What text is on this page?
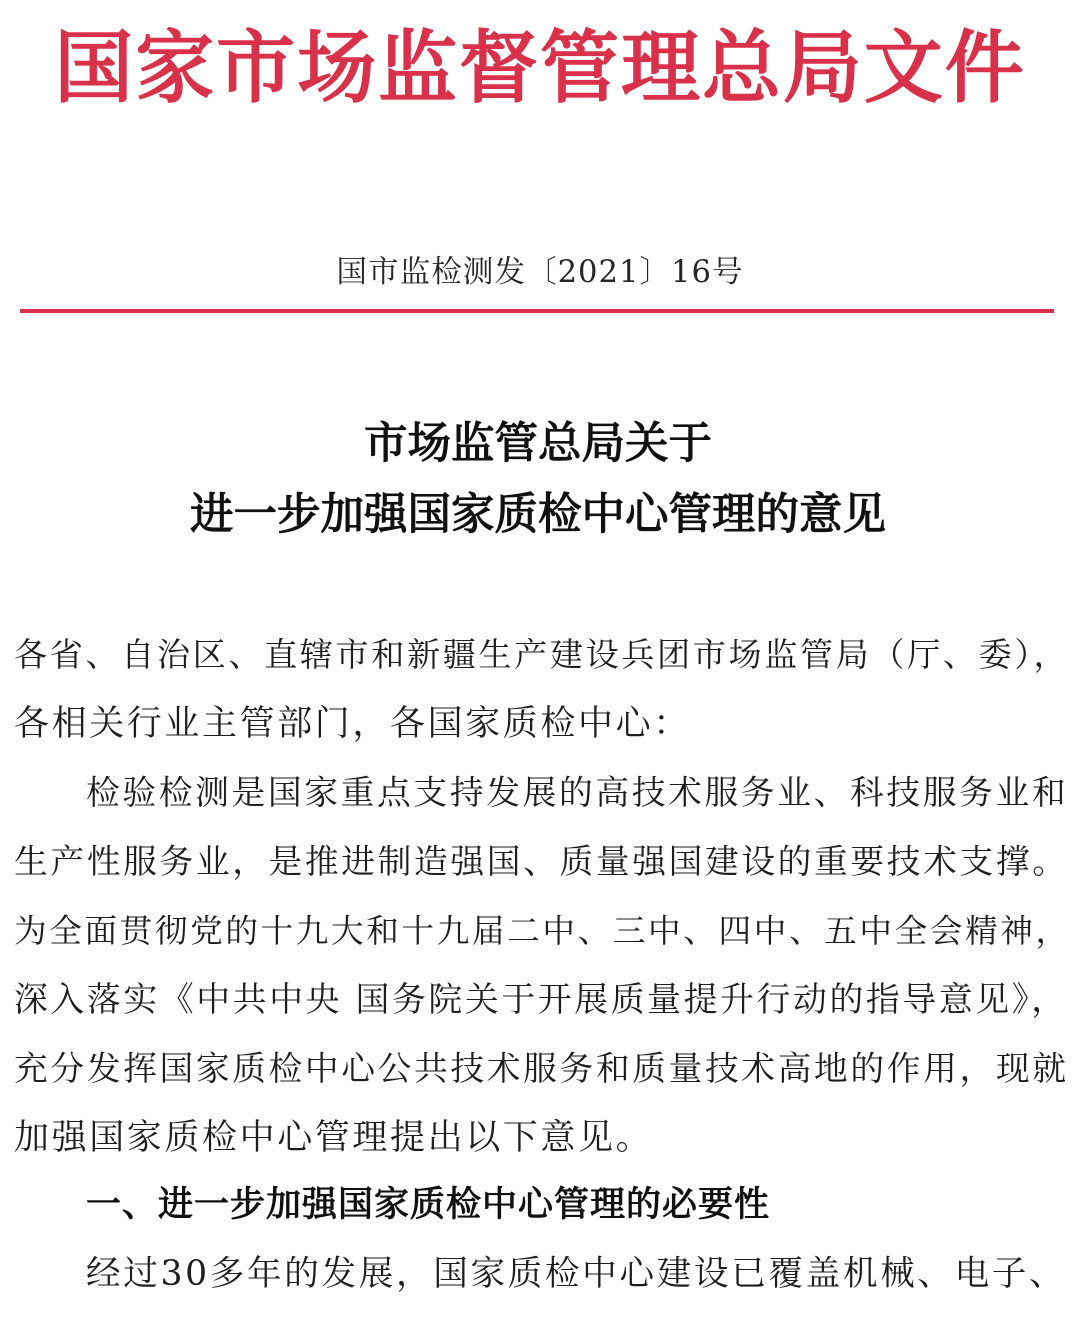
国家市场监督管理总局文件
国市监检测发〔2021〕16号
市场监管总局关于
进一步加强国家质检中心管理的意见
各省、自治区、直辖市和新疆生产建设兵团市场监管局（厅、委），
各相关行业主管部门，各国家质检中心：
检验检测是国家重点支持发展的高技术服务业、科技服务业和
生产性服务业，是推进制造强国、质量强国建设的重要技术支撑。
为全面贯彻党的十九大和十九届二中、三中、四中、五中全会精神，
深入落实《中共中央 国务院关于开展质量提升行动的指导意见》，
充分发挥国家质检中心公共技术服务和质量技术高地的作用，现就
加强国家质检中心管理提出以下意见。
一、进一步加强国家质检中心管理的必要性
经过30多年的发展，国家质检中心建设已覆盖机械、电子、
